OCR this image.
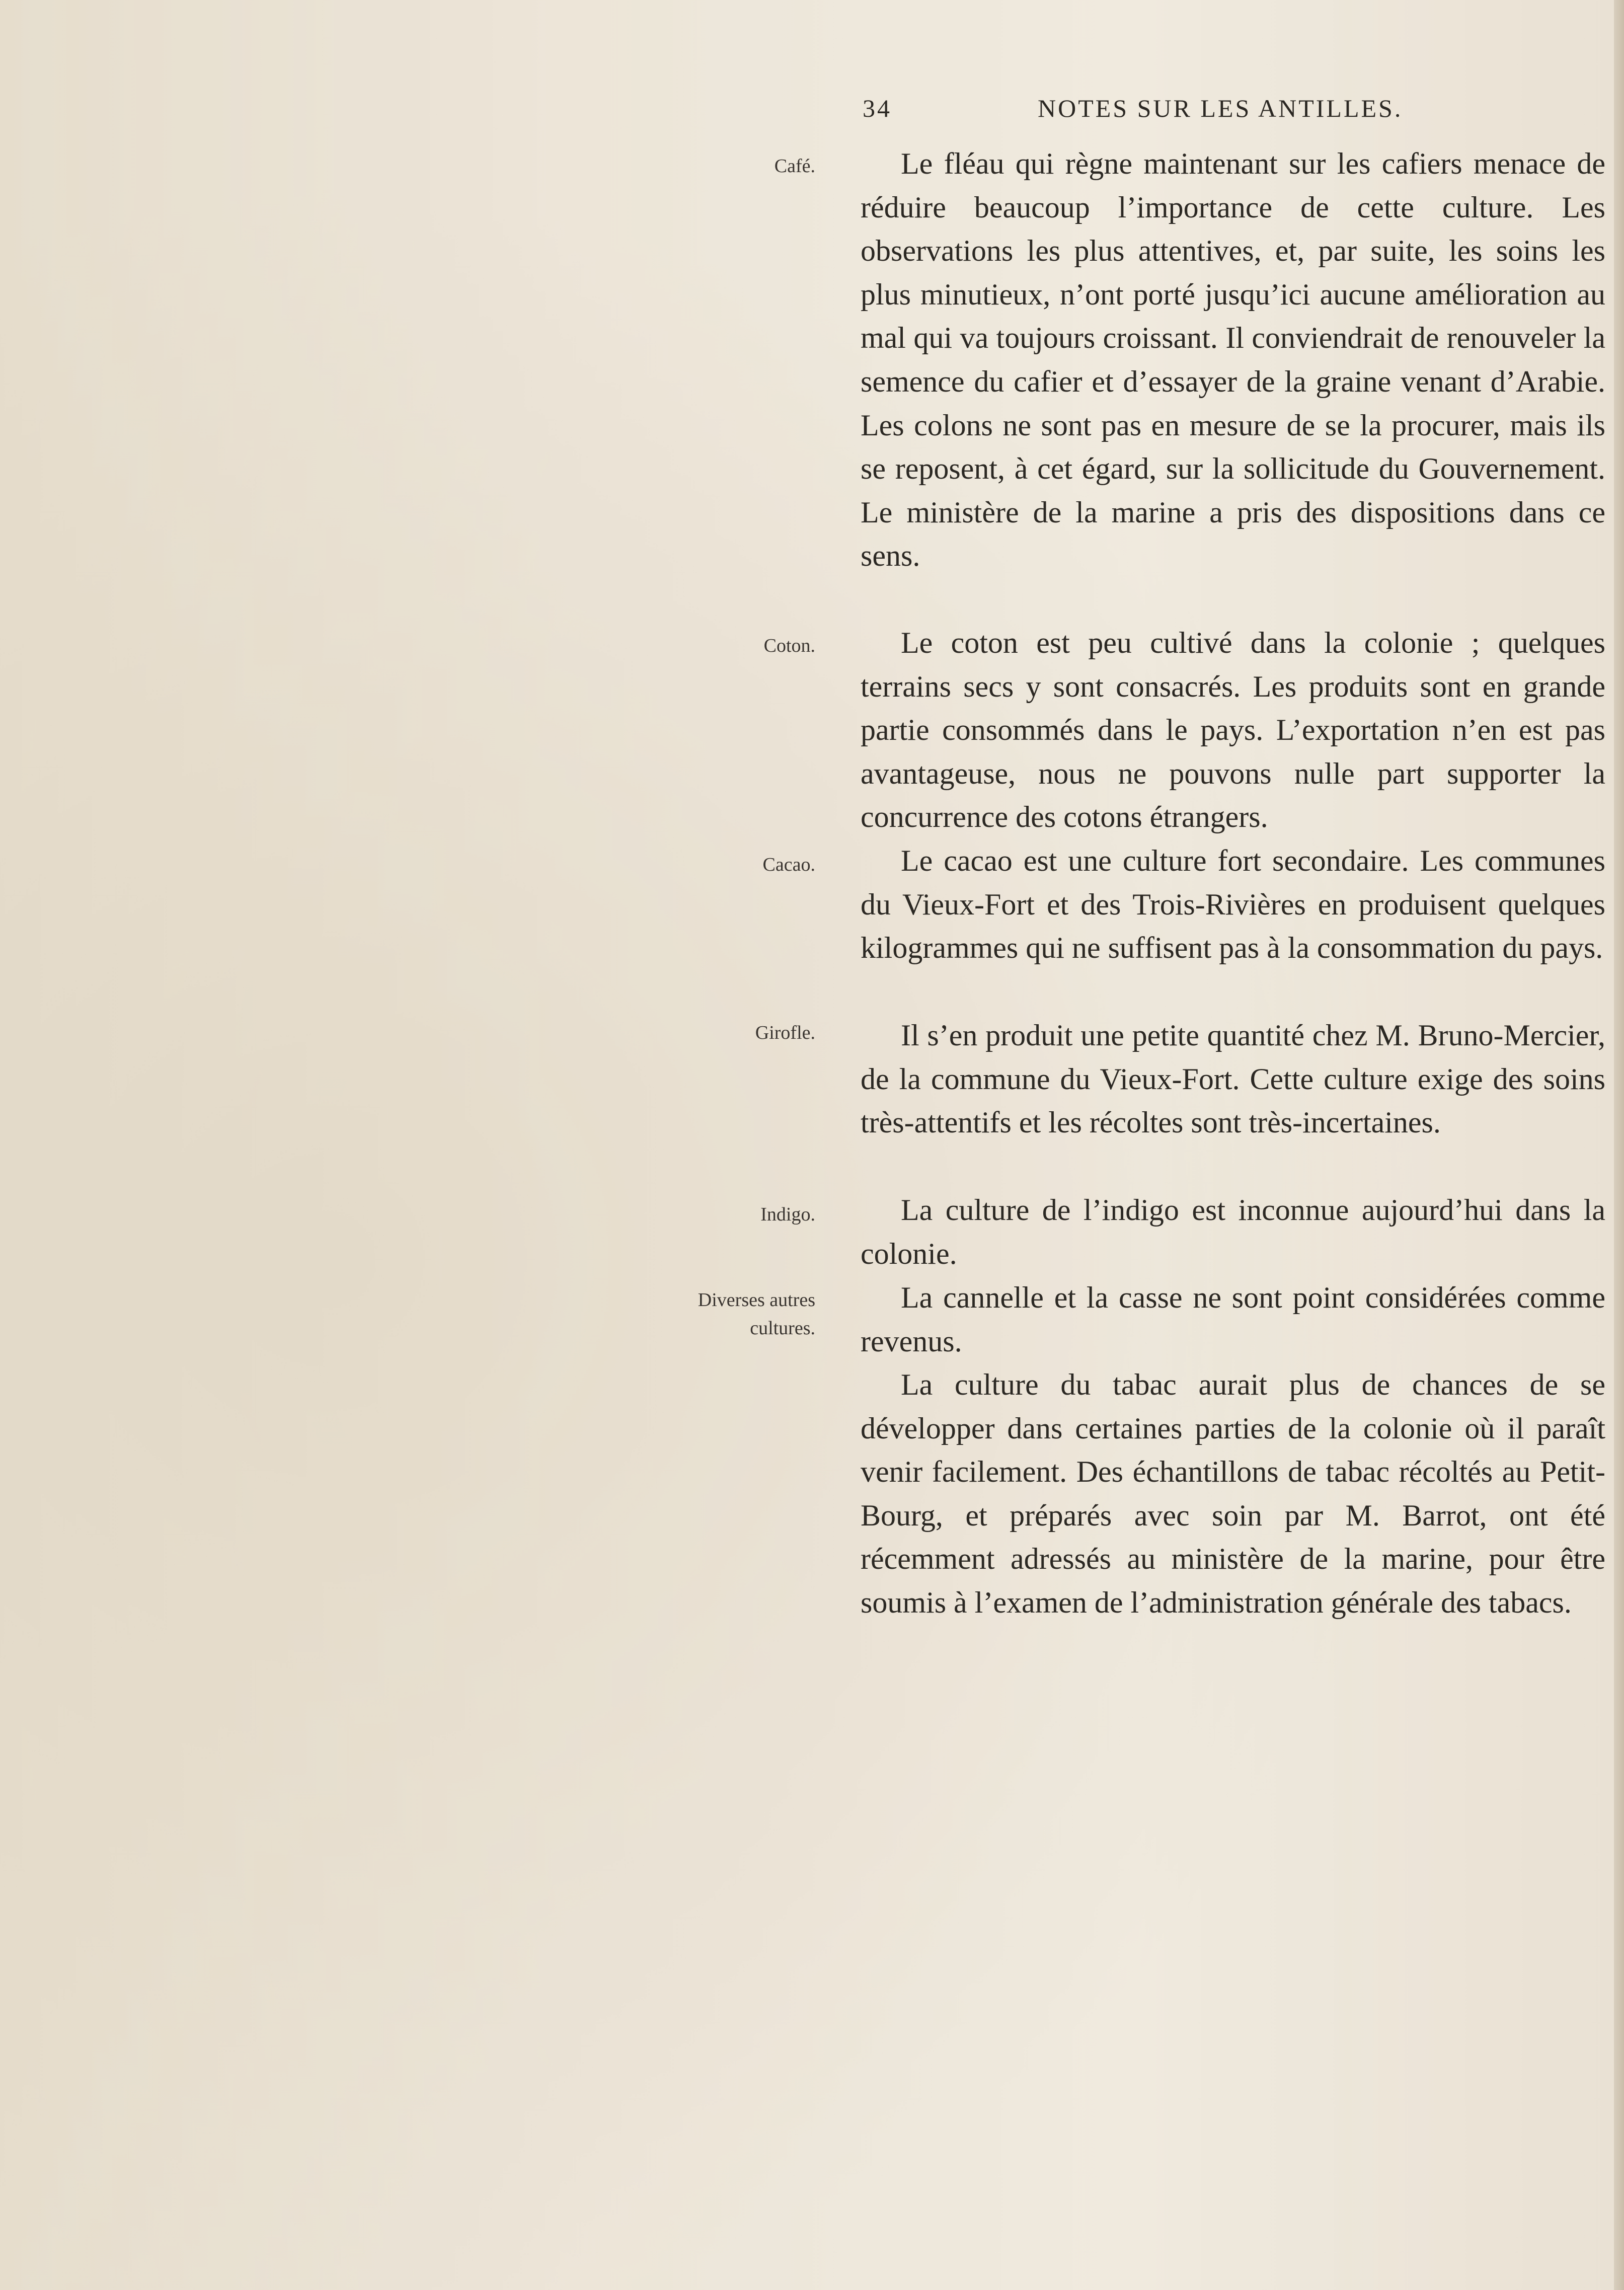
34	NOTES SUR LES ANTILLES.
Café.	Le fléau qui règne maintenant sur les cafiers menace de réduire beaucoup l’importance de cette culture. Les observations les plus attentives, et, par suite, les soins les plus minutieux, n’ont porté jusqu’ici aucune amélioration au mal qui va toujours croissant. Il conviendrait de renouveler la semence du cafier et d’essayer de la graine venant d’Arabie. Les colons ne sont pas en mesure de se la procurer, mais ils se reposent, à cet égard, sur la sollicitude du Gouvernement. Le ministère de la marine a pris des dispositions dans ce sens.

Coton.	Le coton est peu cultivé dans la colonie ; quelques terrains secs y sont consacrés. Les produits sont en grande partie consommés dans le pays. L’exportation n’en est pas avantageuse, nous ne pouvons nulle part supporter la concurrence des cotons étrangers.

Cacao.	Le cacao est une culture fort secondaire. Les communes du Vieux-Fort et des Trois-Rivières en produisent quelques kilogrammes qui ne suffisent pas à la consommation du pays.

Girofle.	Il s’en produit une petite quantité chez M. Bruno-Mercier, de la commune du Vieux-Fort. Cette culture exige des soins très-attentifs et les récoltes sont très-incertaines.

Indigo.	La culture de l’indigo est inconnue aujourd’hui dans la colonie.

Diverses autres cultures.

La cannelle et la casse ne sont point considérées comme revenus.

La culture du tabac aurait plus de chances de se développer dans certaines parties de la colonie où il paraît venir facilement. Des échantillons de tabac récoltés au Petit-Bourg, et préparés avec soin par M. Barrot, ont été récemment adressés au ministère de la marine, pour être soumis à l’examen de l’administration générale des tabacs.
